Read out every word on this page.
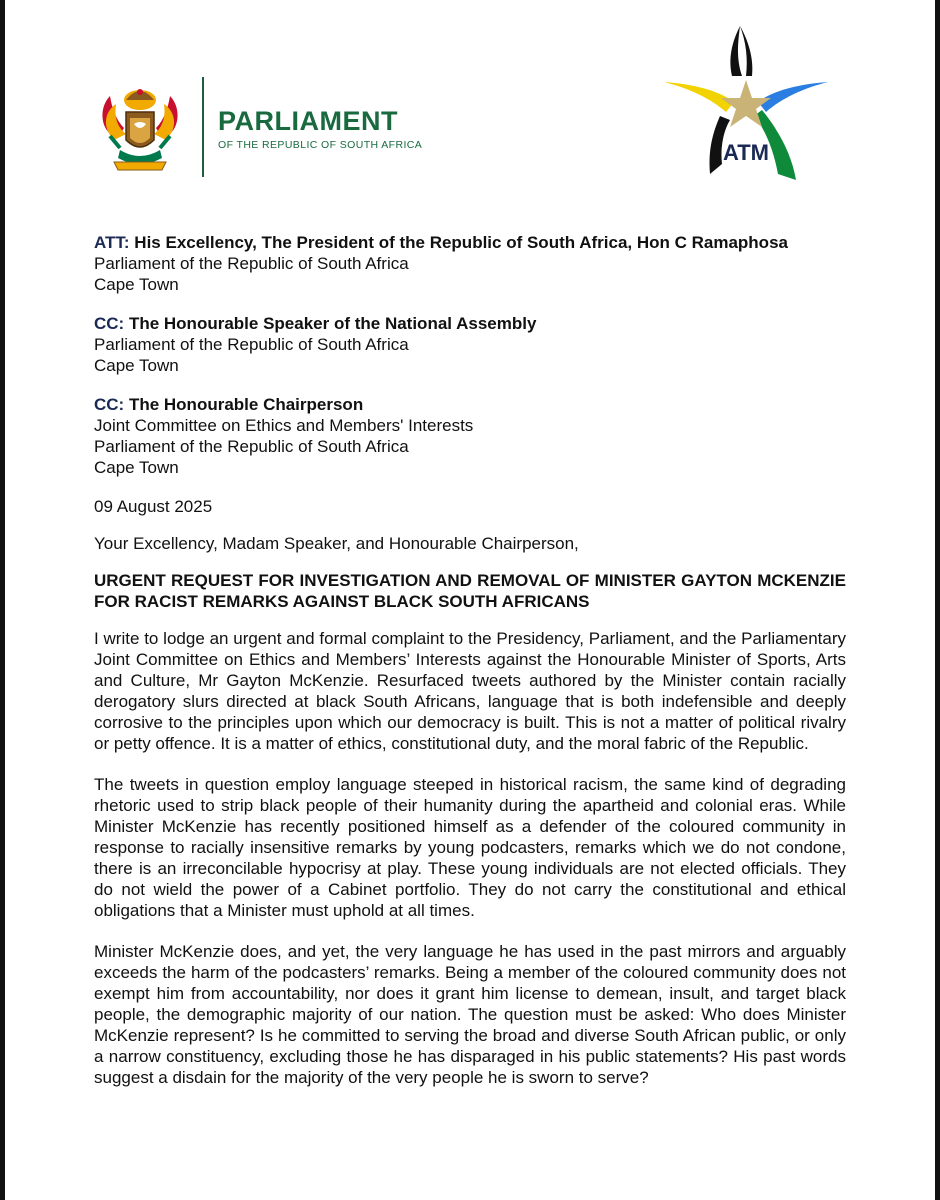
PARLIAMENT
OF THE REPUBLIC OF SOUTH AFRICA	ATM
ATT: His Excellency, The President of the Republic of South Africa, Hon C Ramaphosa
Parliament of the Republic of South Africa
Cape Town
CC: The Honourable Speaker of the National Assembly
Parliament of the Republic of South Africa
Cape Town
CC: The Honourable Chairperson
Joint Committee on Ethics and Members' Interests
Parliament of the Republic of South Africa
Cape Town
09 August 2025
Your Excellency, Madam Speaker, and Honourable Chairperson,
URGENT REQUEST FOR INVESTIGATION AND REMOVAL OF MINISTER GAYTON MCKENZIE FOR RACIST REMARKS AGAINST BLACK SOUTH AFRICANS

I write to lodge an urgent and formal complaint to the Presidency, Parliament, and the Parliamentary Joint Committee on Ethics and Members’ Interests against the Honourable Minister of Sports, Arts and Culture, Mr Gayton McKenzie. Resurfaced tweets authored by the Minister contain racially derogatory slurs directed at black South Africans, language that is both indefensible and deeply corrosive to the principles upon which our democracy is built. This is not a matter of political rivalry or petty offence. It is a matter of ethics, constitutional duty, and the moral fabric of the Republic.

The tweets in question employ language steeped in historical racism, the same kind of degrading rhetoric used to strip black people of their humanity during the apartheid and colonial eras. While Minister McKenzie has recently positioned himself as a defender of the coloured community in response to racially insensitive remarks by young podcasters, remarks which we do not condone, there is an irreconcilable hypocrisy at play. These young individuals are not elected officials. They do not wield the power of a Cabinet portfolio. They do not carry the constitutional and ethical obligations that a Minister must uphold at all times.

Minister McKenzie does, and yet, the very language he has used in the past mirrors and arguably exceeds the harm of the podcasters’ remarks. Being a member of the coloured community does not exempt him from accountability, nor does it grant him license to demean, insult, and target black people, the demographic majority of our nation. The question must be asked: Who does Minister McKenzie represent? Is he committed to serving the broad and diverse South African public, or only a narrow constituency, excluding those he has disparaged in his public statements? His past words suggest a disdain for the majority of the very people he is sworn to serve?
